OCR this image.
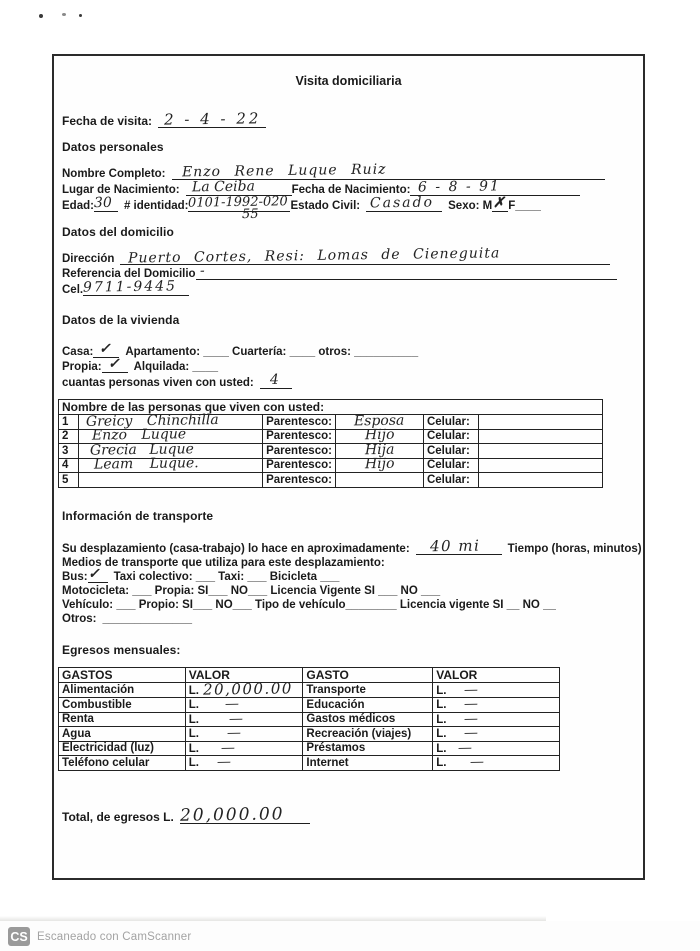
Visita domiciliaria
Fecha de visita: 2 - 4 - 22
Datos personales
Nombre Completo:	Enzo Rene Luque Ruiz
Lugar de Nacimiento: La Ceiba	Fecha de Nacimiento: 6 - 8 - 91
Edad: 30	# identidad: 0101-1992-020
55
Estado Civil: Casado	Sexo: M ✗ F ____
Datos del domicilio
Dirección Puerto Cortes, Resi: Lomas de Cieneguita
Referencia del Domicilio -
Cel. 9711-9445
Datos de la vivienda
Casa: ✓	Apartamento: ____ Cuartería: ____ otros: __________
Propia: ✓	Alquilada: ____
cuantas personas viven con usted:	4
Nombre de las personas que viven con usted:					
1	Greicy Chinchilla	Parentesco:	Esposa	Celular:	
2	Enzo Luque	Parentesco:	Hijo	Celular:	
3	Grecia Luque	Parentesco:	Hija	Celular:	
4	Leam Luque.	Parentesco:	Hijo	Celular:	
5		Parentesco:		Celular:	
Información de transporte
Su desplazamiento (casa-trabajo) lo hace en aproximadamente:	40 mi	Tiempo (horas, minutos)
Medios de transporte que utiliza para este desplazamiento:
Bus: ✓	Taxi colectivo: ___ Taxi: ___ Bicicleta ___
Motocicleta: ___ Propia: SI___ NO___ Licencia Vigente SI ___ NO ___
Vehículo: ___ Propio: SI___ NO___ Tipo de vehículo________ Licencia vigente SI __ NO __
Otros: ______________
Egresos mensuales:
GASTOS	VALOR	GASTO	VALOR
Alimentación	L. 20,000.00	Transporte	L. —
Combustible	L. —	Educación	L. —
Renta	L. —	Gastos médicos	L. —
Agua	L. —	Recreación (viajes)	L. —
Electricidad (luz)	L. —	Préstamos	L. —
Teléfono celular	L. —	Internet	L. —
Total, de egresos L. 20,000.00
CS Escaneado con CamScanner
